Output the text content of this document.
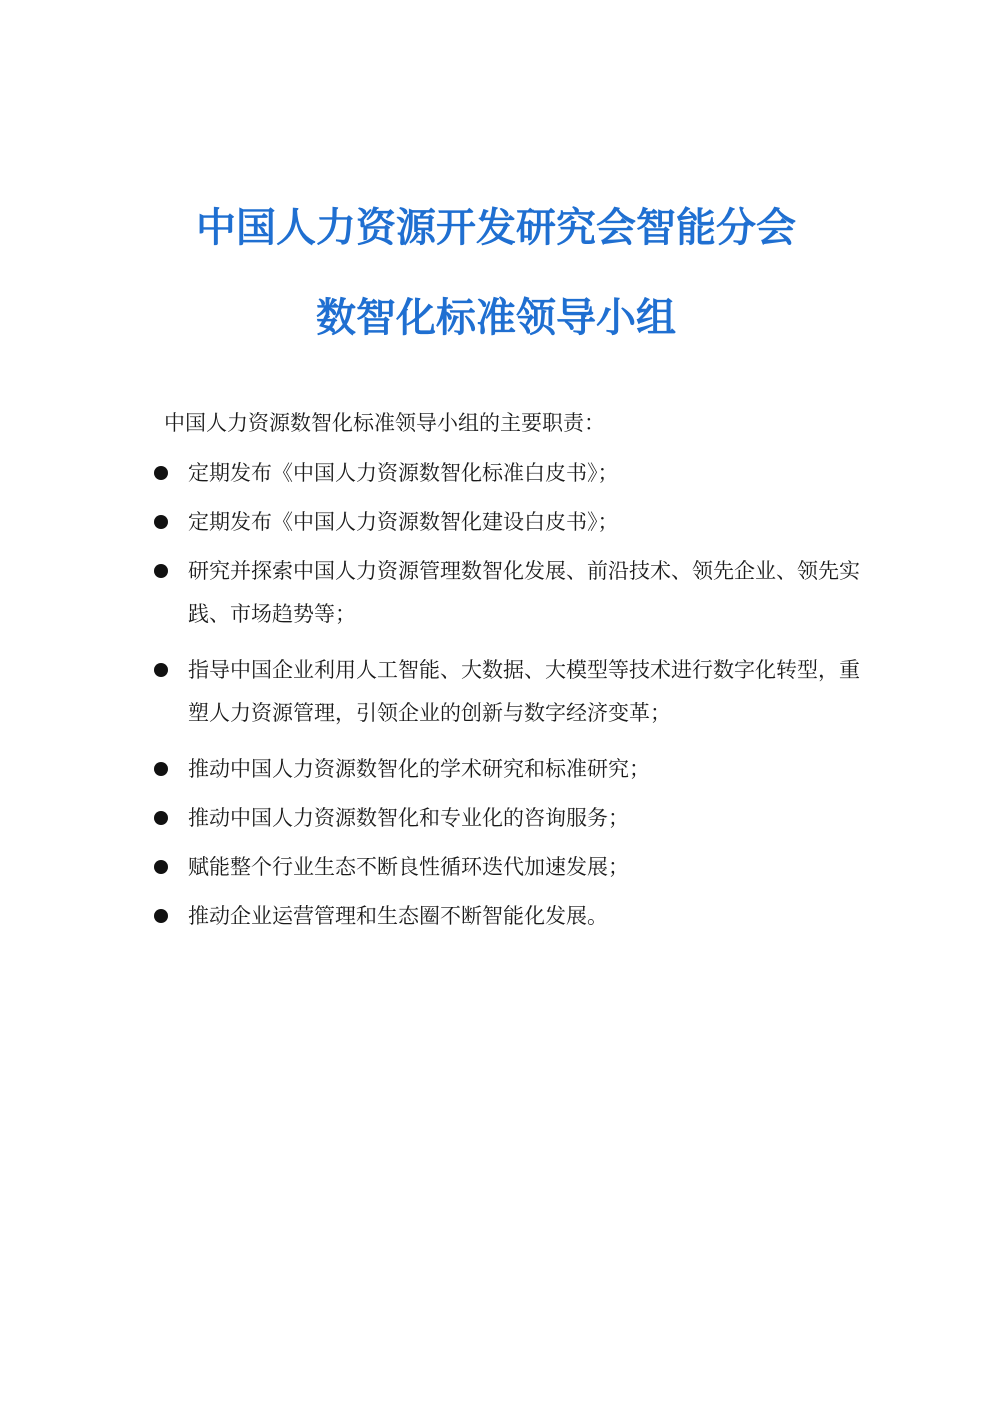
中国人力资源开发研究会智能分会
数智化标准领导小组
中国人力资源数智化标准领导小组的主要职责：
定期发布《中国人力资源数智化标准白皮书》；
定期发布《中国人力资源数智化建设白皮书》；
研究并探索中国人力资源管理数智化发展、前沿技术、领先企业、领先实践、市场趋势等；
指导中国企业利用人工智能、大数据、大模型等技术进行数字化转型，重塑人力资源管理，引领企业的创新与数字经济变革；
推动中国人力资源数智化的学术研究和标准研究；
推动中国人力资源数智化和专业化的咨询服务；
赋能整个行业生态不断良性循环迭代加速发展；
推动企业运营管理和生态圈不断智能化发展。
